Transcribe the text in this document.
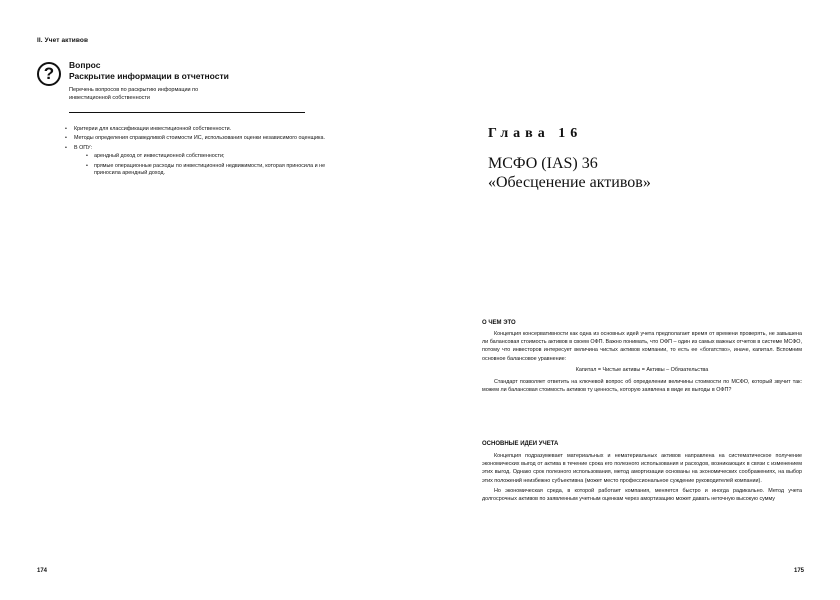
II. Учет активов
?	Вопрос
Раскрытие информации в отчетности
Перечень вопросов по раскрытию информации по инвестиционной собственности
• Критерии для классификации инвестиционной собственности.
• Методы определения справедливой стоимости ИС, использования оценки независимого оценщика.
• В ОПУ:
• арендный доход от инвестиционной собственности;
• прямые операционные расходы по инвестиционной недвижимости, которая приносила и не приносила арендный доход.
174
Глава 16
МСФО (IAS) 36
«Обесценение активов»
О ЧЕМ ЭТО

Концепция консервативности как одна из основных идей учета предполагает время от времени проверять, не завышена ли балансовая стоимость активов в своем ОФП. Важно понимать, что ОФП – один из самых важных отчетов в системе МСФО, потому что инвесторов интересует величина чистых активов компании, то есть ее «богатство», иначе, капитал. Вспомним основное балансовое уравнение:

Капитал = Чистые активы = Активы – Обязательства

Стандарт позволяет ответить на ключевой вопрос об определении величины стоимости по МСФО, который звучит так: можем ли балансовая стоимость активов ту ценность, которую заявлена в виде их выгоды в ОФП?

ОСНОВНЫЕ ИДЕИ УЧЕТА

Концепция подразумевает материальных и нематериальных активов направлена на систематическое получение экономических выгод от актива в течение срока его полезного использования и расходов, возникающих в связи с изменением этих выгод. Однако срок полезного использования, метод амортизации основаны на экономических соображениях, на выбор этих положений неизбежно субъективна (может место профессиональное суждение руководителей компании).

Но экономическая среда, в которой работает компания, меняется быстро и иногда радикально. Метод учета долгосрочных активов по заявленным учетным оценкам через амортизацию может давать неточную высокую сумму

175
